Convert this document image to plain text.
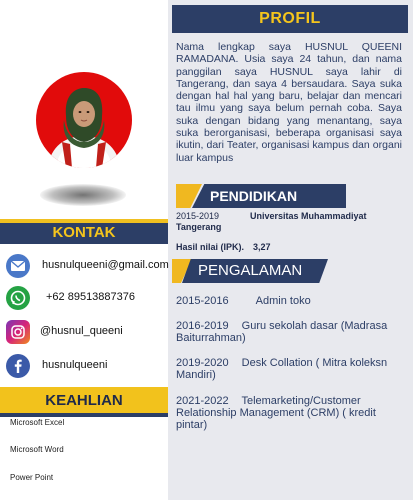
KONTAK
husnulqueeni@gmail.com
+62 89513887376
@husnul_queeni
husnulqueeni
KEAHLIAN
Microsoft Excel
Microsoft Word
Power Point
PROFIL
Nama lengkap saya HUSNUL QUEENI RAMADANA. Usia saya 24 tahun, dan nama panggilan saya HUSNUL saya lahir di Tangerang, dan saya 4 bersaudara. Saya suka dengan hal hal yang baru, belajar dan mencari tau ilmu yang saya belum pernah coba. Saya suka dengan bidang yang menantang, saya suka berorganisasi, beberapa organisasi saya ikutin, dari Teater, organisasi kampus dan organi luar kampus
PENDIDIKAN
2015-2019	Universitas Muhammadiyat
Tangerang
Hasil nilai (IPK). 3,27
PENGALAMAN
2015-2016 Admin toko
2016-2019 Guru sekolah dasar (Madrasa Baiturrahman)
2019-2020 Desk Collation ( Mitra koleksn Mandiri)
2021-2022 Telemarketing/Customer Relationship Management (CRM) ( kredit pintar)
